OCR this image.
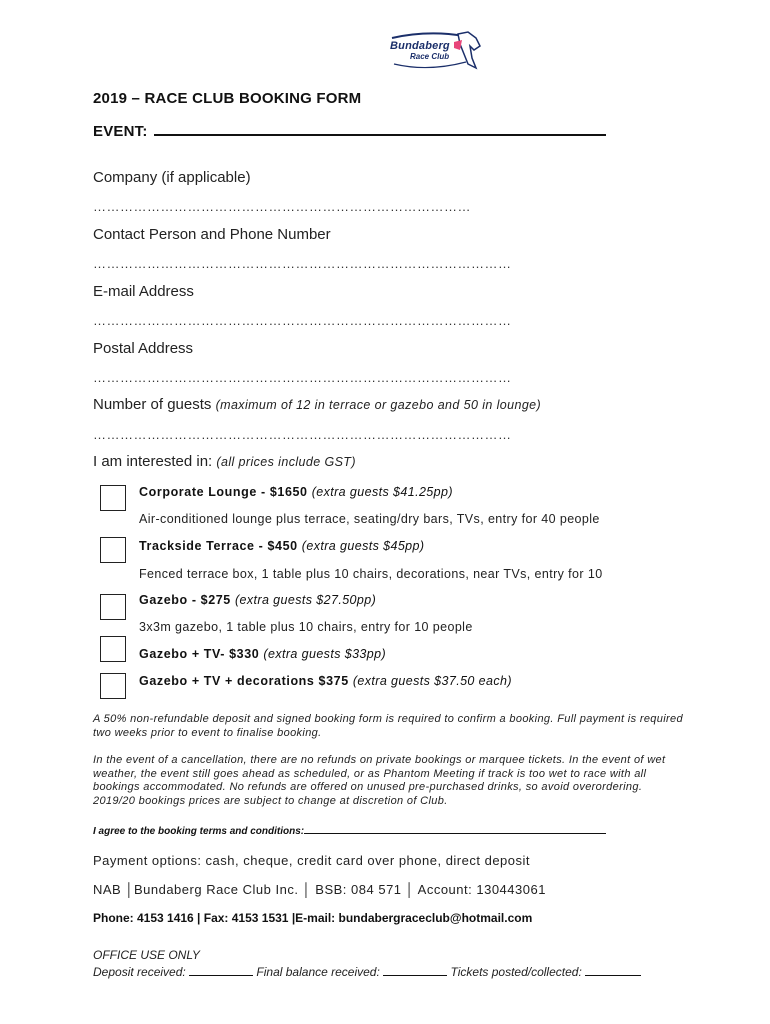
Bundaberg
Race Club
2019 – RACE CLUB BOOKING FORM
EVENT:
Company (if applicable)
…………………………………………………………………………
Contact Person and Phone Number
…………………………………………………………………………………
E-mail Address
…………………………………………………………………………………
Postal Address
…………………………………………………………………………………
Number of guests (maximum of 12 in terrace or gazebo and 50 in lounge)
…………………………………………………………………………………
I am interested in: (all prices include GST)
Corporate Lounge - $1650 (extra guests $41.25pp)
Air-conditioned lounge plus terrace, seating/dry bars, TVs, entry for 40 people
Trackside Terrace - $450 (extra guests $45pp)
Fenced terrace box, 1 table plus 10 chairs, decorations, near TVs, entry for 10
Gazebo - $275 (extra guests $27.50pp)
3x3m gazebo, 1 table plus 10 chairs, entry for 10 people
Gazebo + TV- $330 (extra guests $33pp)
Gazebo + TV + decorations $375 (extra guests $37.50 each)
A 50% non-refundable deposit and signed booking form is required to confirm a booking. Full payment is required two weeks prior to event to finalise booking.
In the event of a cancellation, there are no refunds on private bookings or marquee tickets. In the event of wet weather, the event still goes ahead as scheduled, or as Phantom Meeting if track is too wet to race with all bookings accommodated. No refunds are offered on unused pre-purchased drinks, so avoid overordering. 2019/20 bookings prices are subject to change at discretion of Club.
I agree to the booking terms and conditions:
Payment options: cash, cheque, credit card over phone, direct deposit
NAB │Bundaberg Race Club Inc. │ BSB: 084 571 │ Account: 130443061
Phone: 4153 1416 | Fax: 4153 1531 |E-mail: bundabergraceclub@hotmail.com
OFFICE USE ONLY
Deposit received:	Final balance received:	Tickets posted/collected:
